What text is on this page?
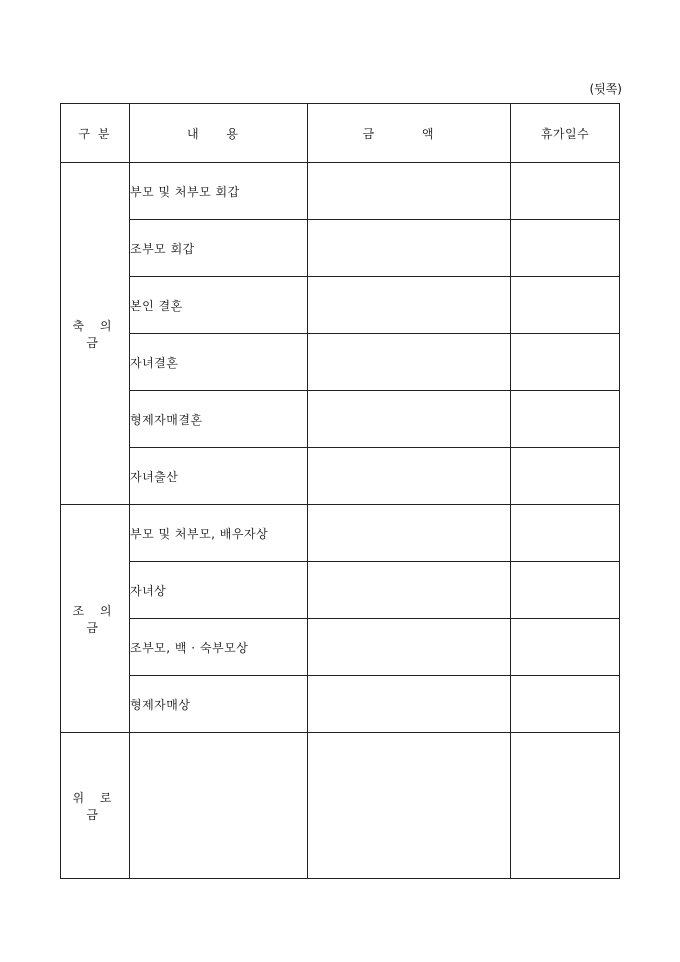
(뒷쪽)
구 분	내 용	금 액	휴가일수
축 의 금	부모 및 처부모 회갑		
	조부모 회갑		
	본인 결혼		
	자녀결혼		
	형제자매결혼		
	자녀출산		
조 의 금	부모 및 처부모, 배우자상		
	자녀상		
	조부모, 백 · 숙부모상		
	형제자매상		
위 로 금			
